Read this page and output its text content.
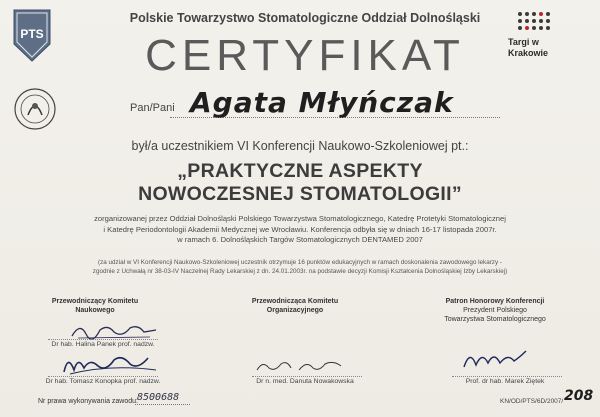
PTS
Targi w Krakowie
Polskie Towarzystwo Stomatologiczne Oddział Dolnośląski
CERTYFIKAT
Pan/Pani Agata Młyńczak
był/a uczestnikiem VI Konferencji Naukowo-Szkoleniowej pt.:
„PRAKTYCZNE ASPEKTY
NOWOCZESNEJ STOMATOLOGII”
zorganizowanej przez Oddział Dolnośląski Polskiego Towarzystwa Stomatologicznego, Katedrę Protetyki Stomatologicznej
i Katedrę Periodontologii Akademii Medycznej we Wrocławiu. Konferencja odbyła się w dniach 16-17 listopada 2007r.
w ramach 6. Dolnośląskich Targów Stomatologicznych DENTAMED 2007
(za udział w VI Konferencji Naukowo-Szkoleniowej uczestnik otrzymuje 16 punktów edukacyjnych w ramach doskonalenia zawodowego lekarzy -
zgodnie z Uchwałą nr 38-03-IV Naczelnej Rady Lekarskiej z dn. 24.01.2003r. na podstawie decyzji Komisji Kształcenia Dolnośląskiej Izby Lekarskiej)
Przewodniczący Komitetu
Naukowego
Przewodnicząca Komitetu
Organizacyjnego
Patron Honorowy Konferencji
Prezydent Polskiego
Towarzystwa Stomatologicznego
Dr hab. Halina Panek prof. nadzw.
Dr hab. Tomasz Konopka prof. nadzw.	Dr n. med. Danuta Nowakowska	Prof. dr hab. Marek Ziętek
Nr prawa wykonywania zawodu: 8500688	KN/OD/PTS/6D/2007/ 208
